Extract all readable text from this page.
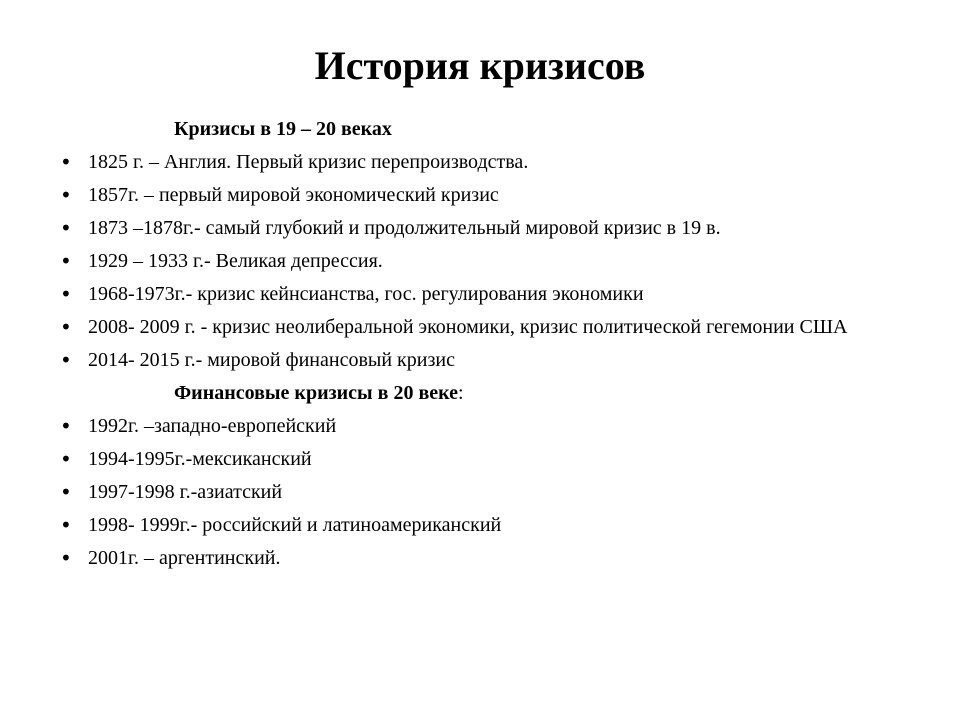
История кризисов
Кризисы в 19 – 20 веках
• 1825 г. – Англия. Первый кризис перепроизводства.
• 1857г. – первый мировой экономический кризис
• 1873 –1878г.- самый глубокий и продолжительный мировой кризис в 19 в.
• 1929 – 1933 г.- Великая депрессия.
• 1968-1973г.- кризис кейнсианства, гос. регулирования экономики
• 2008- 2009 г. - кризис неолиберальной экономики, кризис политической гегемонии США
• 2014- 2015 г.- мировой финансовый кризис
Финансовые кризисы в 20 веке:
• 1992г. –западно-европейский
• 1994-1995г.-мексиканский
• 1997-1998 г.-азиатский
• 1998- 1999г.- российский и латиноамериканский
• 2001г. – аргентинский.
